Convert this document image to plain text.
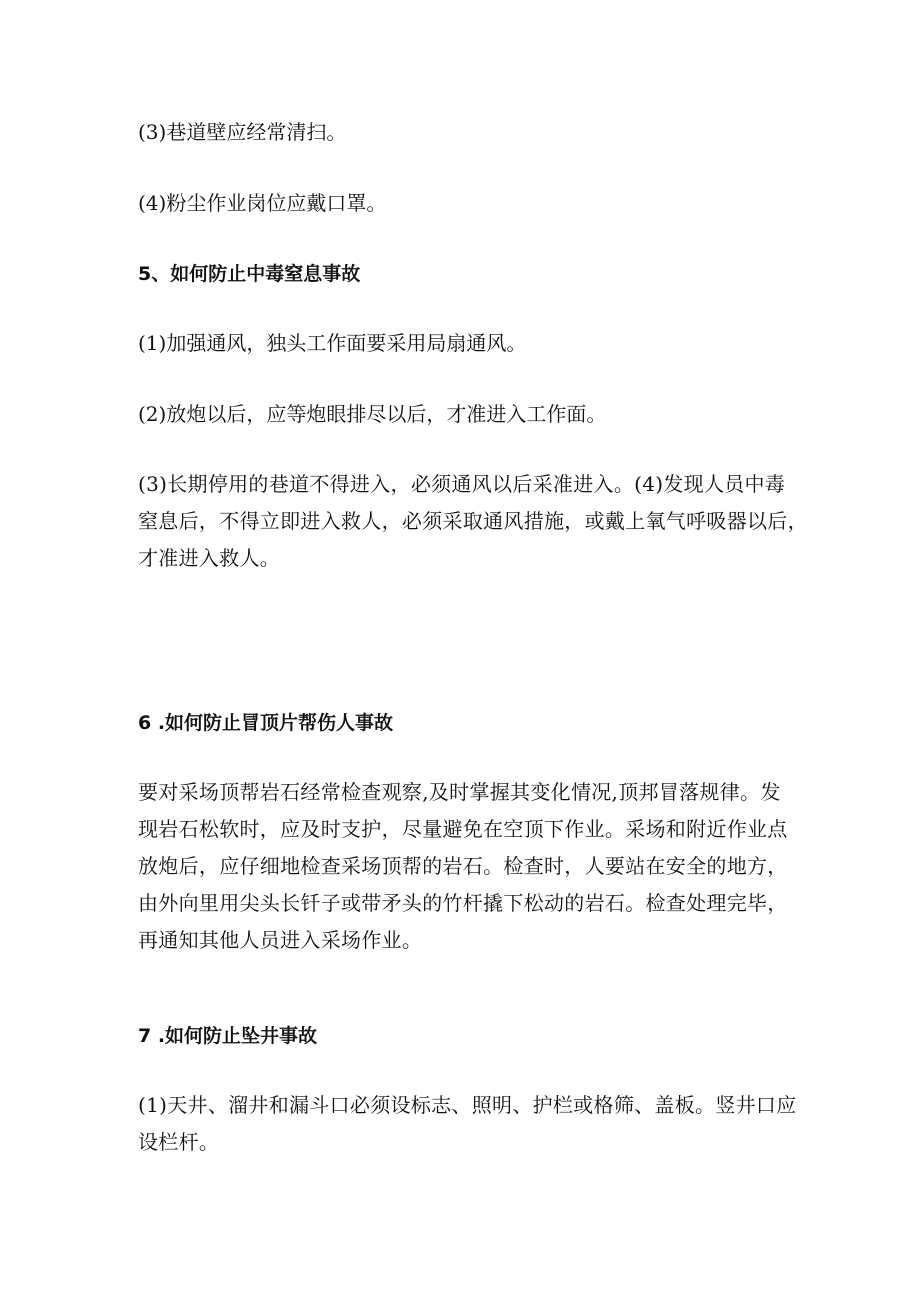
(3)巷道壁应经常清扫。
(4)粉尘作业岗位应戴口罩。
5、如何防止中毒窒息事故
(1)加强通风，独头工作面要采用局扇通风。
(2)放炮以后，应等炮眼排尽以后，才准进入工作面。
(3)长期停用的巷道不得进入，必须通风以后采准进入。(4)发现人员中毒
窒息后，不得立即进入救人，必须采取通风措施，或戴上氧气呼吸器以后，
才准进入救人。
6 .如何防止冒顶片帮伤人事故
要对采场顶帮岩石经常检查观察,及时掌握其变化情况,顶邦冒落规律。发
现岩石松软时，应及时支护，尽量避免在空顶下作业。采场和附近作业点
放炮后，应仔细地检查采场顶帮的岩石。检查时，人要站在安全的地方，
由外向里用尖头长钎子或带矛头的竹杆撬下松动的岩石。检查处理完毕，
再通知其他人员进入采场作业。
7 .如何防止坠井事故
(1)天井、溜井和漏斗口必须设标志、照明、护栏或格筛、盖板。竖井口应
设栏杆。
